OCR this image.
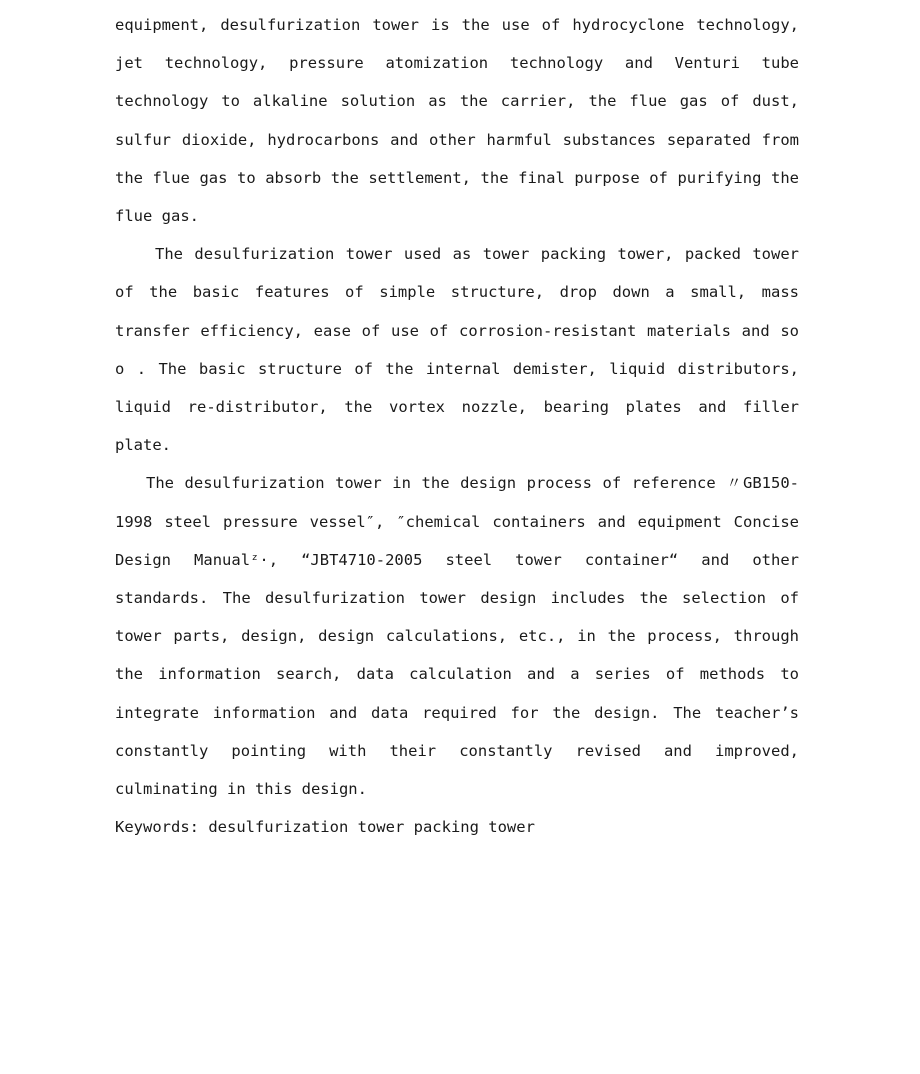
equipment, desulfurization tower is the use of hydrocyclone technology, jet technology, pressure atomization technology and Venturi tube technology to alkaline solution as the carrier, the flue gas of dust, sulfur dioxide, hydrocarbons and other harmful substances separated from the flue gas to absorb the settlement, the final purpose of purifying the flue gas.

The desulfurization tower used as tower packing tower, packed tower of the basic features of simple structure, drop down a small, mass transfer efficiency, ease of use of corrosion-resistant materials and so o . The basic structure of the internal demister, liquid distributors, liquid re-distributor, the vortex nozzle, bearing plates and filler plate.

The desulfurization tower in the design process of reference 〃GB150-1998 steel pressure vessel″, ″chemical containers and equipment Concise Design Manualᶻ·, “JBT4710-2005 steel tower container“ and other standards. The desulfurization tower design includes the selection of tower parts, design, design calculations, etc., in the process, through the information search, data calculation and a series of methods to integrate information and data required for the design. The teacher’s constantly pointing with their constantly revised and improved, culminating in this design.

Keywords: desulfurization tower packing tower
